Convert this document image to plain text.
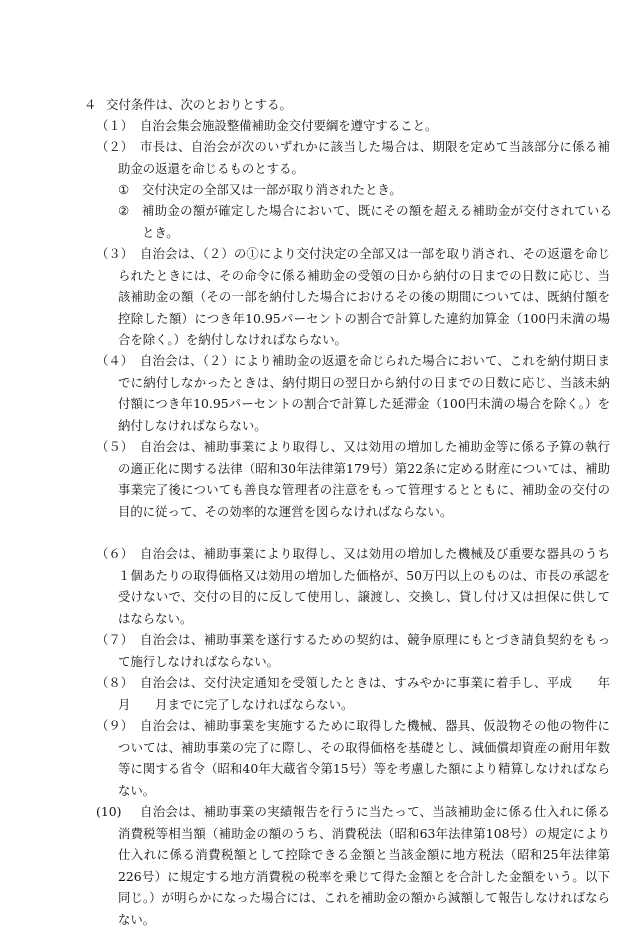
４ 交付条件は、次のとおりとする。
（１） 自治会集会施設整備補助金交付要綱を遵守すること。
（２） 市長は、自治会が次のいずれかに該当した場合は、期限を定めて当該部分に係る補助金の返還を命じるものとする。
①	交付決定の全部又は一部が取り消されたとき。
②	補助金の額が確定した場合において、既にその額を超える補助金が交付されているとき。
（３） 自治会は、（２）の①により交付決定の全部又は一部を取り消され、その返還を命じられたときには、その命令に係る補助金の受領の日から納付の日までの日数に応じ、当該補助金の額（その一部を納付した場合におけるその後の期間については、既納付額を控除した額）につき年10.95パーセントの割合で計算した違約加算金（100円未満の場合を除く。）を納付しなければならない。
（４） 自治会は、（２）により補助金の返還を命じられた場合において、これを納付期日までに納付しなかったときは、納付期日の翌日から納付の日までの日数に応じ、当該未納付額につき年10.95パーセントの割合で計算した延滞金（100円未満の場合を除く。）を納付しなければならない。
（５） 自治会は、補助事業により取得し、又は効用の増加した補助金等に係る予算の執行の適正化に関する法律（昭和30年法律第179号）第22条に定める財産については、補助事業完了後についても善良な管理者の注意をもって管理するとともに、補助金の交付の目的に従って、その効率的な運営を図らなければならない。
（６） 自治会は、補助事業により取得し、又は効用の増加した機械及び重要な器具のうち１個あたりの取得価格又は効用の増加した価格が、50万円以上のものは、市長の承認を受けないで、交付の目的に反して使用し、譲渡し、交換し、貸し付け又は担保に供してはならない。
（７） 自治会は、補助事業を遂行するための契約は、競争原理にもとづき請負契約をもって施行しなければならない。
（８） 自治会は、交付決定通知を受領したときは、すみやかに事業に着手し、平成　　年　月　　月までに完了しなければならない。
（９） 自治会は、補助事業を実施するために取得した機械、器具、仮設物その他の物件については、補助事業の完了に際し、その取得価格を基礎とし、減価償却資産の耐用年数等に関する省令（昭和40年大蔵省令第15号）等を考慮した額により精算しなければならない。
(10)	自治会は、補助事業の実績報告を行うに当たって、当該補助金に係る仕入れに係る消費税等相当額（補助金の額のうち、消費税法（昭和63年法律第108号）の規定により仕入れに係る消費税額として控除できる金額と当該金額に地方税法（昭和25年法律第226号）に規定する地方消費税の税率を乗じて得た金額とを合計した金額をいう。以下同じ。）が明らかになった場合には、これを補助金の額から減額して報告しなければならない。
